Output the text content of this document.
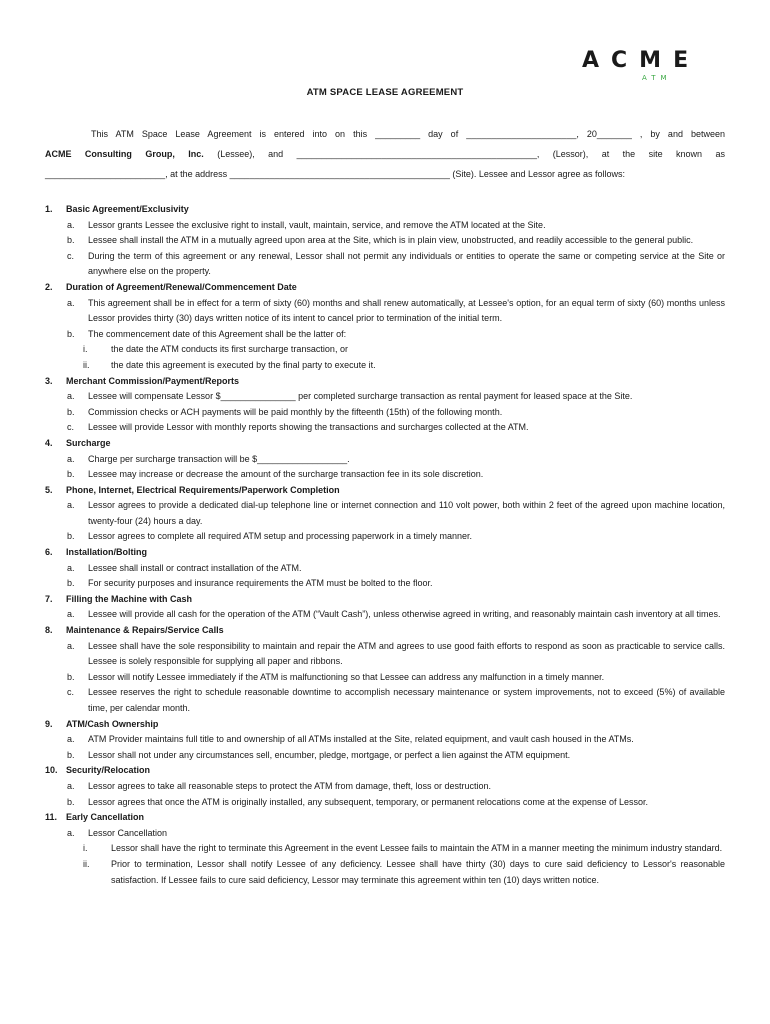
ACME
ATM
ATM SPACE LEASE AGREEMENT

This ATM Space Lease Agreement is entered into on this _________ day of ______________________, 20_______ , by and between

ACME Consulting Group, Inc. (Lessee), and ________________________________________________, (Lessor), at the site known as

________________________, at the address ____________________________________________ (Site). Lessee and Lessor agree as follows:

1. Basic Agreement/Exclusivity
a. Lessor grants Lessee the exclusive right to install, vault, maintain, service, and remove the ATM located at the Site.
b. Lessee shall install the ATM in a mutually agreed upon area at the Site, which is in plain view, unobstructed, and readily accessible to the general public.
c. During the term of this agreement or any renewal, Lessor shall not permit any individuals or entities to operate the same or competing service at the Site or anywhere else on the property.
2. Duration of Agreement/Renewal/Commencement Date
a. This agreement shall be in effect for a term of sixty (60) months and shall renew automatically, at Lessee's option, for an equal term of sixty (60) months unless Lessor provides thirty (30) days written notice of its intent to cancel prior to termination of the initial term.
b. The commencement date of this Agreement shall be the latter of:
i.	the date the ATM conducts its first surcharge transaction, or
ii. the date this agreement is executed by the final party to execute it.
3. Merchant Commission/Payment/Reports
a. Lessee will compensate Lessor $_______________ per completed surcharge transaction as rental payment for leased space at the Site.
b. Commission checks or ACH payments will be paid monthly by the fifteenth (15th) of the following month.
c. Lessee will provide Lessor with monthly reports showing the transactions and surcharges collected at the ATM.
4. Surcharge
a. Charge per surcharge transaction will be $__________________.
b. Lessee may increase or decrease the amount of the surcharge transaction fee in its sole discretion.
5. Phone, Internet, Electrical Requirements/Paperwork Completion
a. Lessor agrees to provide a dedicated dial-up telephone line or internet connection and 110 volt power, both within 2 feet of the agreed upon machine location, twenty-four (24) hours a day.
b. Lessor agrees to complete all required ATM setup and processing paperwork in a timely manner.
6. Installation/Bolting
a. Lessee shall install or contract installation of the ATM.
b. For security purposes and insurance requirements the ATM must be bolted to the floor.
7. Filling the Machine with Cash
a. Lessee will provide all cash for the operation of the ATM (“Vault Cash”), unless otherwise agreed in writing, and reasonably maintain cash inventory at all times.
8. Maintenance & Repairs/Service Calls
a. Lessee shall have the sole responsibility to maintain and repair the ATM and agrees to use good faith efforts to respond as soon as practicable to service calls. Lessee is solely responsible for supplying all paper and ribbons.
b. Lessor will notify Lessee immediately if the ATM is malfunctioning so that Lessee can address any malfunction in a timely manner.
c. Lessee reserves the right to schedule reasonable downtime to accomplish necessary maintenance or system improvements, not to exceed (5%) of available time, per calendar month.
9. ATM/Cash Ownership
a. ATM Provider maintains full title to and ownership of all ATMs installed at the Site, related equipment, and vault cash housed in the ATMs.
b. Lessor shall not under any circumstances sell, encumber, pledge, mortgage, or perfect a lien against the ATM equipment.
10. Security/Relocation
a. Lessor agrees to take all reasonable steps to protect the ATM from damage, theft, loss or destruction.
b. Lessor agrees that once the ATM is originally installed, any subsequent, temporary, or permanent relocations come at the expense of Lessor.
11. Early Cancellation
a. Lessor Cancellation
i.	Lessor shall have the right to terminate this Agreement in the event Lessee fails to maintain the ATM in a manner meeting the minimum industry standard.
ii. Prior to termination, Lessor shall notify Lessee of any deficiency. Lessee shall have thirty (30) days to cure said deficiency to Lessor's reasonable satisfaction. If Lessee fails to cure said deficiency, Lessor may terminate this agreement within ten (10) days written notice.
